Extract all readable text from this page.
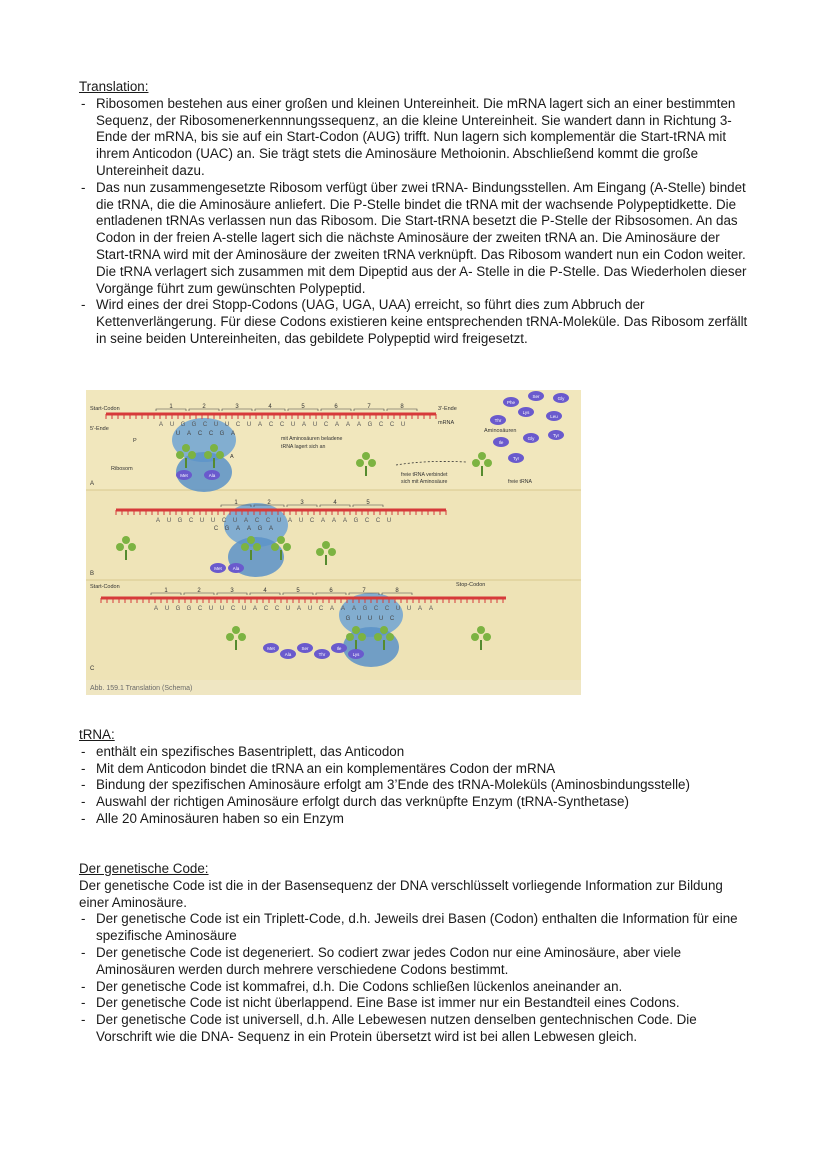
Translation:
- Ribosomen bestehen aus einer großen und kleinen Untereinheit. Die mRNA lagert sich an einer bestimmten Sequenz, der Ribosomenerkennnungssequenz, an die kleine Untereinheit. Sie wandert dann in Richtung 3-Ende der mRNA, bis sie auf ein Start-Codon (AUG) trifft. Nun lagern sich komplementär die Start-tRNA mit ihrem Anticodon (UAC) an. Sie trägt stets die Aminosäure Methoionin. Abschließend kommt die große Untereinheit dazu.
- Das nun zusammengesetzte Ribosom verfügt über zwei tRNA- Bindungsstellen. Am Eingang (A-Stelle) bindet die tRNA, die die Aminosäure anliefert. Die P-Stelle bindet die tRNA mit der wachsende Polypeptidkette. Die entladenen tRNAs verlassen nun das Ribosom. Die Start-tRNA besetzt die P-Stelle der Ribsosomen. An das Codon in der freien A-stelle lagert sich die nächste Aminosäure der zweiten tRNA an. Die Aminosäure der Start-tRNA wird mit der Aminosäure der zweiten tRNA verknüpft. Das Ribosom wandert nun ein Codon weiter. Die tRNA verlagert sich zusammen mit dem Dipeptid aus der A- Stelle in die P-Stelle. Das Wiederholen dieser Vorgänge führt zum gewünschten Polypeptid.
- Wird eines der drei Stopp-Codons (UAG, UGA, UAA) erreicht, so führt dies zum Abbruch der Kettenverlängerung. Für diese Codons existieren keine entsprechenden tRNA-Moleküle. Das Ribosom zerfällt in seine beiden Untereinheiten, das gebildete Polypeptid wird freigesetzt.
A U G G C U U C U A C C U A U C A A A G C C U
1	2	3	4	5	6	7	8
U A C C G A
Met	Ala
Start-Codon
5'-Ende
3'-Ende
mRNA
Ribosom
P
A
A
mit Aminosäuren beladene
tRNA lagert sich an
freie tRNA verbindet
sich mit Aminosäure	freie tRNA
Aminosäuren
Phe
Ser	Gly
Thr
Lys
Leu
Ile
Gly
Tyr
Tyr
A U G C U U C U A C C U A U C A A A G C C U
1	2	3	4	5
C G A A G A
Met Ala
B
A U G G C U U C U A C C U A U C A A A G C C U U A A
1	2	3	4	5	6	7	8
G U U U C
Met
Ala
Ser
Thr
Ile
Lys
Start-Codon	Stop-Codon
C
Abb. 159.1 Translation (Schema)
tRNA:
- enthält ein spezifisches Basentriplett, das Anticodon
- Mit dem Anticodon bindet die tRNA an ein komplementäres Codon der mRNA
- Bindung der spezifischen Aminosäure erfolgt am 3’Ende des tRNA-Moleküls (Aminosbindungsstelle)
- Auswahl der richtigen Aminosäure erfolgt durch das verknüpfte Enzym (tRNA-Synthetase)
- Alle 20 Aminosäuren haben so ein Enzym
Der genetische Code:

Der genetische Code ist die in der Basensequenz der DNA verschlüsselt vorliegende Information zur Bildung einer Aminosäure.

- Der genetische Code ist ein Triplett-Code, d.h. Jeweils drei Basen (Codon) enthalten die Information für eine spezifische Aminosäure
- Der genetische Code ist degeneriert. So codiert zwar jedes Codon nur eine Aminosäure, aber viele Aminosäuren werden durch mehrere verschiedene Codons bestimmt.
- Der genetische Code ist kommafrei, d.h. Die Codons schließen lückenlos aneinander an.
- Der genetische Code ist nicht überlappend. Eine Base ist immer nur ein Bestandteil eines Codons.
- Der genetische Code ist universell, d.h. Alle Lebewesen nutzen denselben gentechnischen Code. Die Vorschrift wie die DNA- Sequenz in ein Protein übersetzt wird ist bei allen Lebwesen gleich.
